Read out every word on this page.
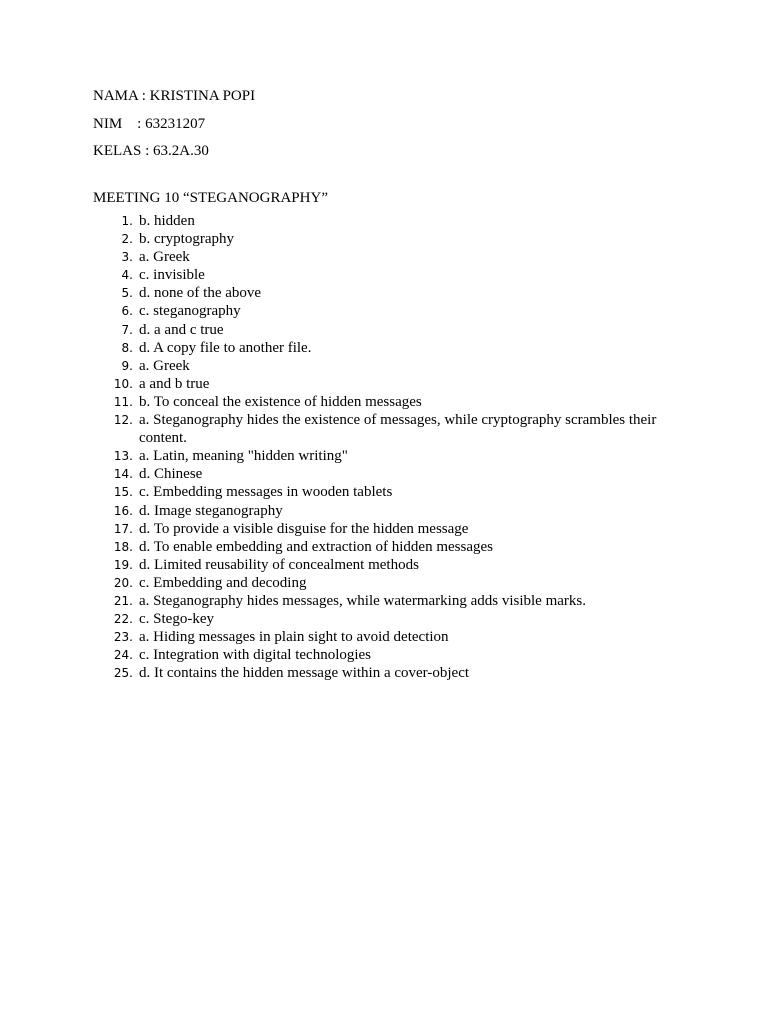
NAMA : KRISTINA POPI
NIM    : 63231207
KELAS : 63.2A.30
MEETING 10 “STEGANOGRAPHY”
1. b. hidden
2. b. cryptography
3. a. Greek
4. c. invisible
5. d. none of the above
6. c. steganography
7. d. a and c true
8. d. A copy file to another file.
9. a. Greek
10. a and b true
11. b. To conceal the existence of hidden messages
12. a. Steganography hides the existence of messages, while cryptography scrambles their content.
13. a. Latin, meaning "hidden writing"
14. d. Chinese
15. c. Embedding messages in wooden tablets
16. d. Image steganography
17. d. To provide a visible disguise for the hidden message
18. d. To enable embedding and extraction of hidden messages
19. d. Limited reusability of concealment methods
20. c. Embedding and decoding
21. a. Steganography hides messages, while watermarking adds visible marks.
22. c. Stego-key
23. a. Hiding messages in plain sight to avoid detection
24. c. Integration with digital technologies
25. d. It contains the hidden message within a cover-object
